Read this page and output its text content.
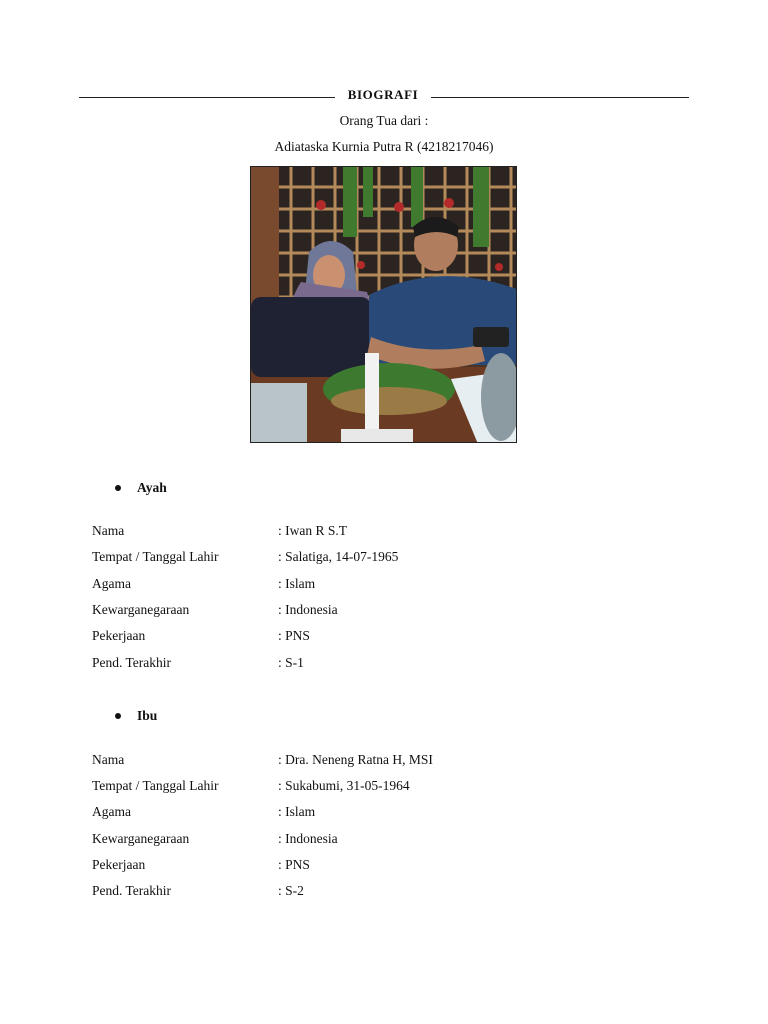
BIOGRAFI
Orang Tua dari :
Adiataska Kurnia Putra R (4218217046)
Ayah
Nama	: Iwan R S.T
Tempat / Tanggal Lahir	: Salatiga, 14-07-1965
Agama	: Islam
Kewarganegaraan	: Indonesia
Pekerjaan	: PNS
Pend. Terakhir	: S-1
Ibu
Nama	: Dra. Neneng Ratna H, MSI
Tempat / Tanggal Lahir	: Sukabumi, 31-05-1964
Agama	: Islam
Kewarganegaraan	: Indonesia
Pekerjaan	: PNS
Pend. Terakhir	: S-2
